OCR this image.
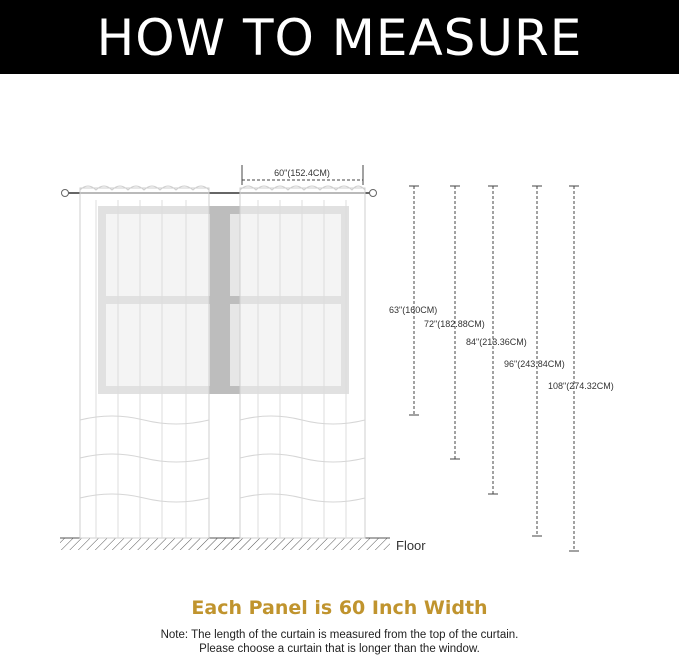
HOW TO MEASURE
60"(152.4CM)
63"(160CM)
72"(182.88CM)
84"(213.36CM)
96"(243.84CM)
108"(274.32CM)
Floor
Each Panel is 60 Inch Width
Note: The length of the curtain is measured from the top of the curtain.
Please choose a curtain that is longer than the window.
